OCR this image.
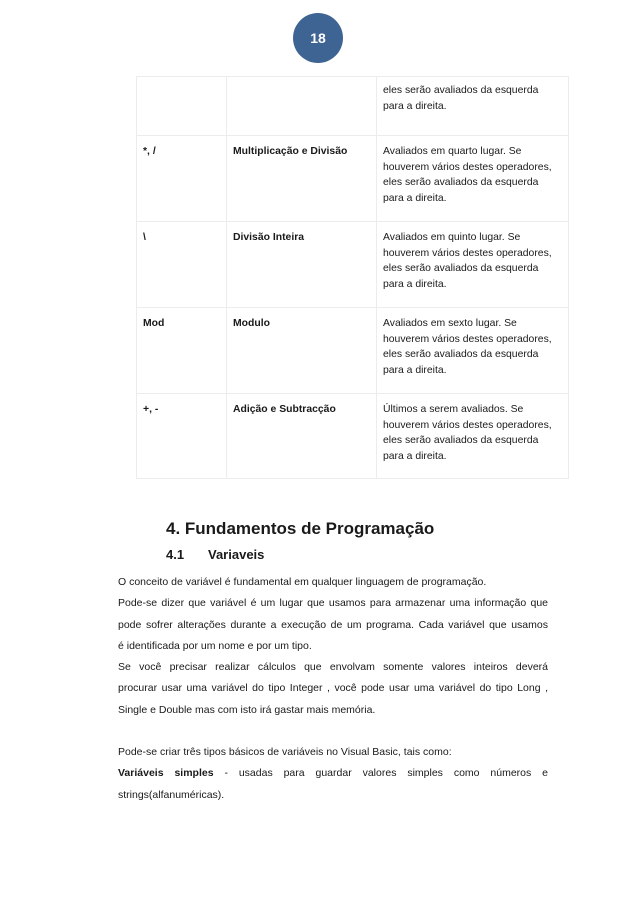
18
		eles serão avaliados da esquerda para a direita.
*, /	Multiplicação e Divisão	Avaliados em quarto lugar. Se houverem vários destes operadores, eles serão avaliados da esquerda para a direita.
\	Divisão Inteira	Avaliados em quinto lugar. Se houverem vários destes operadores, eles serão avaliados da esquerda para a direita.
Mod	Modulo	Avaliados em sexto lugar. Se houverem vários destes operadores, eles serão avaliados da esquerda para a direita.
+, -	Adição e Subtracção	Últimos a serem avaliados. Se houverem vários destes operadores, eles serão avaliados da esquerda para a direita.
4. Fundamentos de Programação
4.1 Variaveis

O conceito de variável é fundamental em qualquer linguagem de programação.

Pode-se dizer que variável é um lugar que usamos para armazenar uma informação que

pode sofrer alterações durante a execução de um programa. Cada variável que usamos

é identificada por um nome e por um tipo.

Se você precisar realizar cálculos que envolvam somente valores inteiros deverá

procurar usar uma variável do tipo Integer , você pode usar uma variável do tipo Long ,

Single e Double mas com isto irá gastar mais memória.

Pode-se criar três tipos básicos de variáveis no Visual Basic, tais como:

Variáveis simples - usadas para guardar valores simples como números e

strings(alfanuméricas).
